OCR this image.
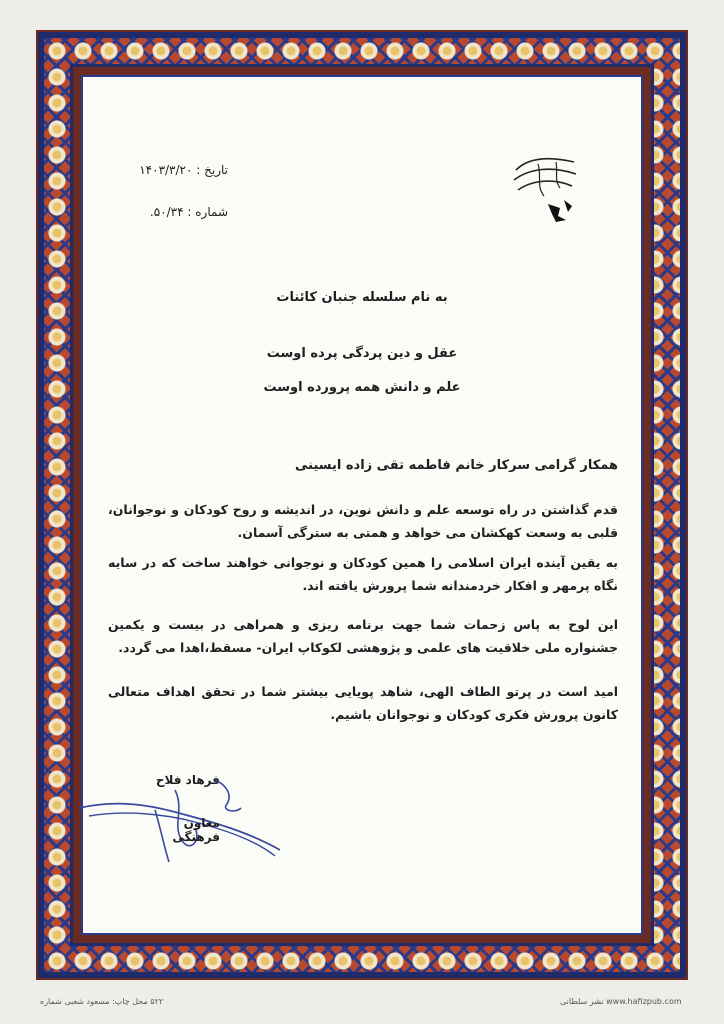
تاریخ : ۱۴۰۳/۳/۲۰
شماره : ۵۰/۳۴.
به نام سلسله جنبان کائنات
عقل و دین پردگی پرده اوست
علم و دانش همه پرورده اوست
همکار گرامی سرکار خانم فاطمه تقی زاده ایسینی
قدم گذاشتن در راه توسعه علم و دانش نوین، در اندیشه و روح کودکان و نوجوانان، قلبی به وسعت کهکشان می خواهد و همتی به سترگی آسمان.
به یقین آینده ایران اسلامی را همین کودکان و نوجوانی خواهند ساخت که در سایه نگاه پرمهر و افکار خردمندانه شما پرورش یافته اند.
این لوح به پاس زحمات شما جهت برنامه ریزی و همراهی در بیست و یکمین جشنواره ملی خلاقیت های علمی و پژوهشی لکوکاپ ایران- مسقط،اهدا می گردد.
امید است در پرتو الطاف الهی، شاهد پویایی بیشتر شما در تحقق اهداف متعالی کانون پرورش فکری کودکان و نوجوانان باشیم.
فرهاد فلاح
معاون فرهنگی
۵۲۲ محل چاپ: مسعود شعبی شماره	نشر سلطانی www.hafizpub.com
